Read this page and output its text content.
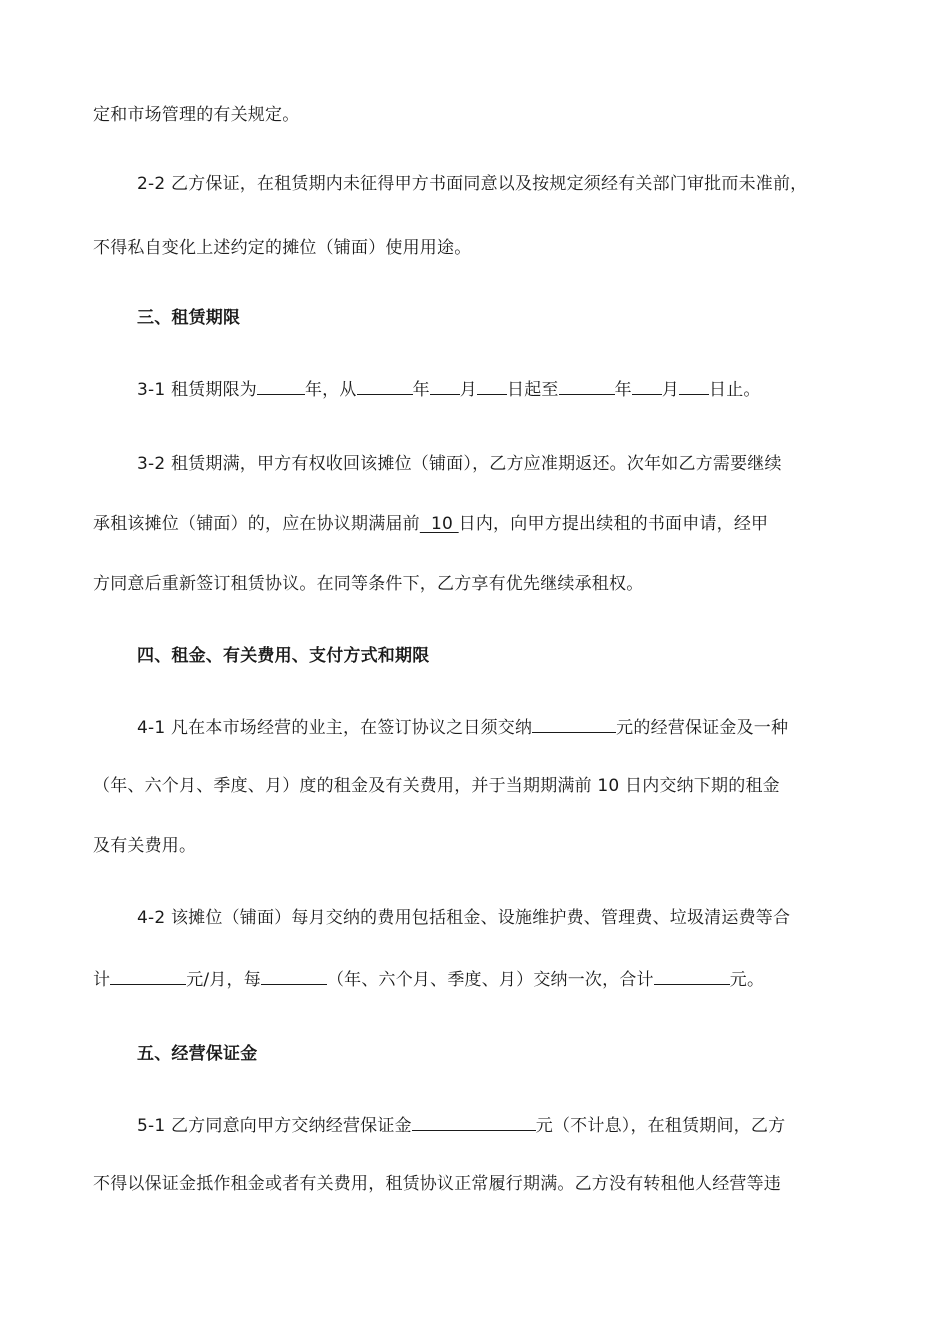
定和市场管理的有关规定。
2-2 乙方保证，在租赁期内未征得甲方书面同意以及按规定须经有关部门审批而未准前，
不得私自变化上述约定的摊位（铺面）使用用途。
三、租赁期限
3-1 租赁期限为	年，从	年 月 日起至	年 月 日止。
3-2 租赁期满，甲方有权收回该摊位（铺面），乙方应准期返还。次年如乙方需要继续
承租该摊位（铺面）的，应在协议期满届前  10 日内，向甲方提出续租的书面申请，经甲
方同意后重新签订租赁协议。在同等条件下，乙方享有优先继续承租权。
四、租金、有关费用、支付方式和期限
4-1 凡在本市场经营的业主，在签订协议之日须交纳	元的经营保证金及一种
（年、六个月、季度、月）度的租金及有关费用，并于当期期满前 10 日内交纳下期的租金
及有关费用。
4-2 该摊位（铺面）每月交纳的费用包括租金、设施维护费、管理费、垃圾清运费等合
计	元/月，每	（年、六个月、季度、月）交纳一次，合计	元。
五、经营保证金
5-1 乙方同意向甲方交纳经营保证金	元（不计息），在租赁期间，乙方
不得以保证金抵作租金或者有关费用，租赁协议正常履行期满。乙方没有转租他人经营等违
